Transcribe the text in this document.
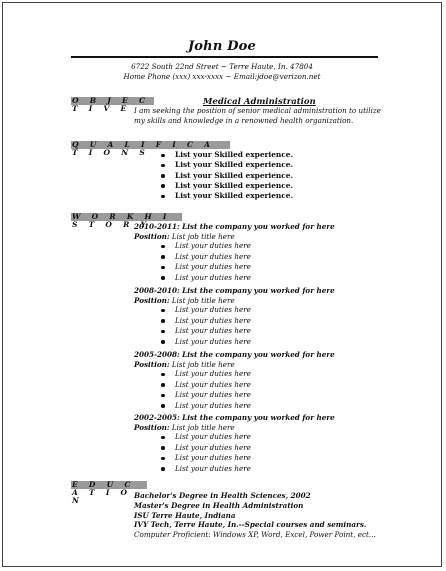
John Doe
6722 South 22nd Street ~ Terre Haute, In. 47804
Home Phone (xxx) xxx-xxxx ~ Email:jdoe@verizon.net
O B J E C T I V E
Medical Administration
I am seeking the position of senior medical administration to utilize my skills and knowledge in a renowned health organization.
Q U A L I F I C A T I O N S	List your Skilled experience.
List your Skilled experience.
List your Skilled experience.
List your Skilled experience.
List your Skilled experience.
W O R K H I S T O R Y
2010-2011: List the company you worked for here
Position: List job title here
List your duties here
List your duties here
List your duties here
List your duties here
2008-2010: List the company you worked for here
Position: List job title here
List your duties here
List your duties here
List your duties here
List your duties here
2005-2008: List the company you worked for here
Position: List job title here
List your duties here
List your duties here
List your duties here
List your duties here
2002-2005: List the company you worked for here
Position: List job title here
List your duties here
List your duties here
List your duties here
List your duties here
E D U C A T I O N
Bachelor's Degree in Health Sciences, 2002
Master's Degree in Health Administration
ISU Terre Haute, Indiana
IVY Tech, Terre Haute, In.--Special courses and seminars.
Computer Proficient: Windows XP, Word, Excel, Power Point, ect...
